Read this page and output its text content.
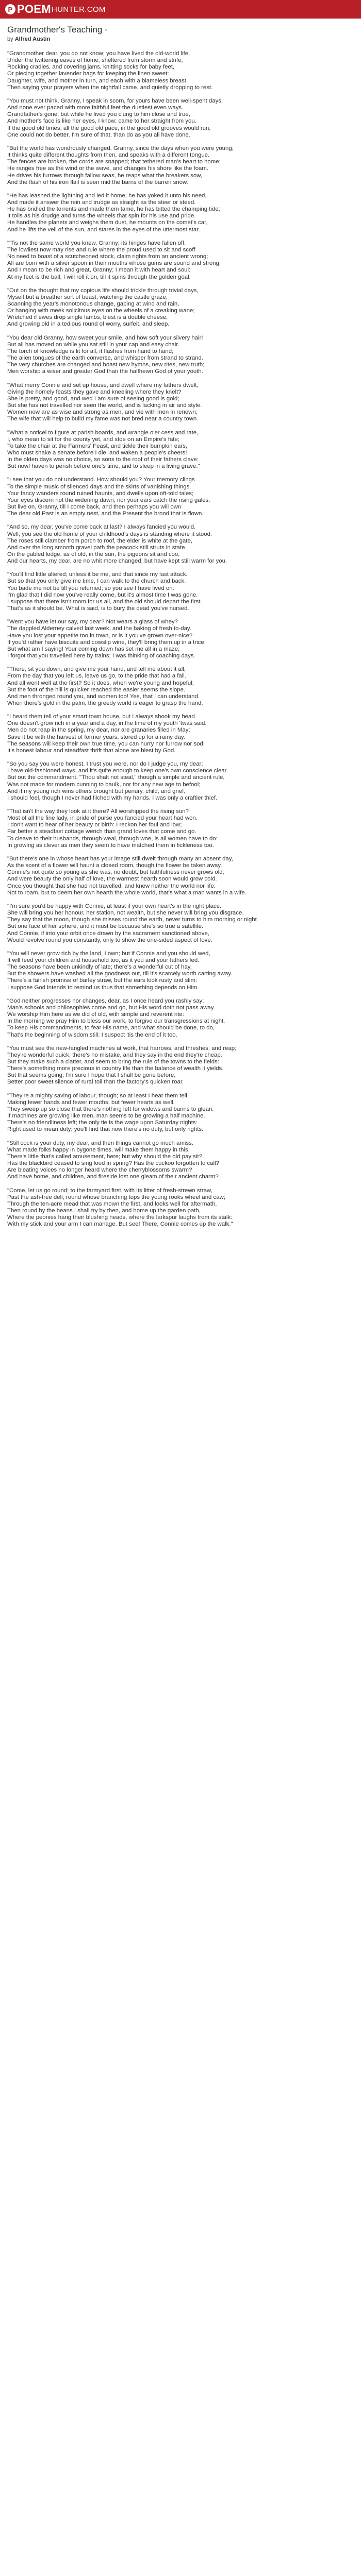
P POEM HUNTER.COM
Grandmother's Teaching -
by Alfred Austin
"Grandmother dear, you do not know; you have lived the old-world life,
Under the twittering eaves of home, sheltered from storm and strife;
Rocking cradles, and covering jams, knitting socks for baby feet,
Or piecing together lavender bags for keeping the linen sweet:
Daughter, wife, and mother in turn, and each with a blameless breast,
Then saying your prayers when the nightfall came, and quietly dropping to rest.
"You must not think, Granny, I speak in scorn, for yours have been well-spent days,
And none ever paced with more faithful feet the dustiest even ways.
Grandfather's gone, but while he lived you clung to him close and true,
And mother's face is like her eyes, I know; came to her straight from you.
If the good old times, all the good old pace, in the good old grooves would run,
One could not do better, I'm sure of that, than do as you all have done.
"But the world has wondrously changed, Granny, since the days when you were young;
It thinks quite different thoughts from then, and speaks with a different tongue.
The fences are broken, the cords are snapped; that tethered man's heart to home;
He ranges free as the wind or the wave, and changes his shore like the foam.
He drives his furrows through fallow seas, he reaps what the breakers sow,
And the flash of his iron flail is seen mid the barns of the barren snow.
"He has leashed the lightning and led it home; he has yoked it unto his need,
And made it answer the rein and trudge as straight as the steer or steed.
He has bridled the torrents and made them tame, he has bitted the champing tide;
It toils as his drudge and turns the wheels that spin for his use and pride.
He handles the planets and weighs them dust, he mounts on the comet's car,
And he lifts the veil of the sun, and stares in the eyes of the uttermost star.
"'Tis not the same world you knew, Granny; its hinges have fallen off.
The lowliest now may rise and rule where the proud used to sit and scoff.
No need to boast of a scutcheoned stock, claim rights from an ancient wrong;
All are born with a silver spoon in their mouths whose gums are sound and strong.
And I mean to be rich and great, Granny; I mean it with heart and soul:
At my feet is the ball, I will roll it on, till it spins through the golden goal.
"Out on the thought that my copious life should trickle through trivial days,
Myself but a breather sort of beast, watching the castle graze,
Scanning the year's monotonous change, gaping at wind and rain,
Or hanging with meek solicitous eyes on the wheels of a creaking wane;
Wretched if ewes drop single lambs, blest is a double cheese,
And growing old in a tedious round of worry, surfeit, and sleep.
"You dear old Granny, how sweet your smile, and how soft your silvery hair!
But all has moved on while you sat still in your cap and easy chair.
The torch of knowledge is lit for all, it flashes from hand to hand;
The alien tongues of the earth converse, and whisper from strand to strand.
The very churches are changed and boast new hymns, new rites, new truth;
Men worship a wiser and greater God than the halfhewn God of your youth.
"What merry Connie and set up house, and dwell where my fathers dwelt,
Giving the homely feasts they gave and kneeling where they knelt?
She is pretty, and good, and wed I am sure of seeing good is gold;
But she has not travelled nor seen the world, and is lacking in air and style.
Women now are as wise and strong as men, and vie with men in renown;
The wife that will help to build my fame was not bred near a country town.
"What a noticel to figure at parish boards, and wrangle o'er cess and rate,
I, who mean to sit for the county yet, and stoe on an Empire's fate;
To take the chair at the Farmers' Feast, and tickle their bumpkin ears,
Who must shake a senate before I die, and waken a people's cheers!
In the olden days was no choice, so sons to the roof of their fathers clave:
But now! haven to perish before one's time, and to sleep in a living grave."
"I see that you do not understand. How should you? Your memory clings
To the simple music of silenced days and the skirts of vanishing things.
Your fancy wanders round ruined haunts, and dwells upon oft-told tales;
Your eyes discern not the widening dawn, nor your ears catch the rising gales.
But live on, Granny, till I come back, and then perhaps you will own
The dear old Past is an empty nest, and the Present the brood that is flown."
"And so, my dear, you've come back at last? I always fancied you would.
Well, you see the old home of your childhood's days is standing where it stood:
The roses still clamber from porch to roof, the elder is white at the gate,
And over the long smooth gravel path the peacock still struts in state.
On the gabled lodge, as of old, in the sun, the pigeons sit and coo,
And our hearts, my dear, are no whit more changed, but have kept still warm for you.
"You'll find little altered; unless it be me, and that since my last attack.
But so that you only give me time, I can walk to the church and back.
You bade me not be till you returned; so you see I have lived on.
I'm glad that I did now you've really come, but it's almost time I was gone.
I suppose that there isn't room for us all, and the old should depart the first.
That's as it should be. What is said, is to bury the dead you've nursed.
"Went you have let our say, my dear? Not wears a glass of whey?
The dappled Alderney calved last week, and the baking of fresh to-day.
Have you lost your appetite too in town, or is it you've grown over-nice?
If you'd rather have biscuits and cowslip wine, they'll bring them up in a trice.
But what am I saying! Your coming down has set me all in a maze;
I forgot that you travelled here by trains; I was thinking of coaching days.
"There, sit you down, and give me your hand, and tell me about it all,
From the day that you left us, leave us go, to the pride that had a fall.
And all went well at the first? So it does, when we're young and hopeful;
But the foot of the hill is quicker reached the easier seems the slope.
And men thronged round you, and women too! Yes, that I can understand.
When there's gold in the palm, the greedy world is eager to grasp the hand.
"I heard them tell of your smart town house, but I always shook my head.
One doesn't grow rich in a year and a day, in the time of my youth 'twas said.
Men do not reap in the spring, my dear, nor are granaries filled in May;
Save it be with the harvest of former years, stored up for a rainy day.
The seasons will keep their own true time, you can hurry nor furrow nor sod:
It's honest labour and steadfast thrift that alone are blest by God.
"So you say you were honest. I trust you were, nor do I judge you, my dear;
I have old-fashioned ways, and it's quite enough to keep one's own conscience clear.
But out the commandment, "Thou shalt not steal," though a simple and ancient rule,
Was not made for modern cunning to baulk, nor for any new age to befool;
And if my young rich wins others brought but penury, child, and grief,
I should feel, though I never had filched with my hands, I was only a craftier thief.
"That isn't the way they look at it there? All worshipped the rising sun?
Most of all the fine lady, in pride of purse you fancied your heart had won.
I don't want to hear of her beauty or birth: I reckon her foul and low;
Far better a steadfast cottage wench than grand loves that come and go.
To cleave to their husbands, through weal, through woe, is all women have to do:
In growing as clever as men they seem to have matched them in fickleness too.
"But there's one in whose heart has your image still dwelt through many an absent day,
As the scent of a flower will haunt a closed room, though the flower be taken away.
Connie's not quite so young as she was, no doubt, but faithfulness never grows old;
And were beauty the only half of love, the warmest hearth soon would grow cold.
Once you thought that she had not travelled, and knew neither the world nor life:
Not to roam, but to deem her own hearth the whole world, that's what a man wants in a wife.
"I'm sure you'd be happy with Connie, at least if your own heart's in the right place.
She will bring you her honour, her station, not wealth, but she never will bring you disgrace.
They say that the moon, though she misses round the earth, never turns to him morning or night
But one face of her sphere, and it must be because she's so true a satellite.
And Connie, if into your orbit once drawn by the sacrament sanctioned above,
Would revolve round you constantly, only to show the one-sided aspect of love.
"You will never grow rich by the land, I own; but if Connie and you should wed,
It will feed your children and household too, as it you and your fathers fed.
The seasons have been unkindly of late; there's a wonderful cut of hay,
But the showers have washed all the goodness out, till it's scarcely worth carting away.
There's a fairish promise of barley straw, but the ears look rusty and slim:
I suppose God intends to remind us thus that something depends on Him.
"God neither progresses nor changes, dear, as I once heard you rashly say;
Man's schools and philosophies come and go, but His word doth not pass away.
We worship Him here as we did of old, with simple and reverent rite:
In the morning we pray Him to bless our work, to forgive our transgressions at night.
To keep His commandments, to fear His name, and what should be done, to do,
That's the beginning of wisdom still: I suspect 'tis the end of it too.
"You must see the new-fangled machines at work, that harrows, and threshes, and reap;
They're wonderful quick, there's no mistake, and they say in the end they're cheap.
But they make such a clatter, and seem to bring the rule of the towns to the fields:
There's something more precious in country life than the balance of wealth it yields.
But that seems going; I'm sure I hope that I shall be gone before;
Better poor sweet silence of rural toil than the factory's quicken roar.
"They're a mighty saving of labour, though; so at least I hear them tell,
Making fewer hands and fewer mouths, but fewer hearts as well.
They sweep up so close that there's nothing left for widows and bairns to glean.
If machines are growing like men, man seems to be growing a half machine.
There's no friendliness left; the only tie is the wage upon Saturday nights:
Right used to mean duty; you'll find that now there's no duty, but only rights.
"Still cock is your duty, my dear, and then things cannot go much amiss.
What made folks happy in bygone times, will make them happy in this.
There's little that's called amusement, here; but why should the old pay sit?
Has the blackbird ceased to sing loud in spring? Has the cuckoo forgotten to call?
Are bleating voices no longer heard where the cherryblossoms swarm?
And have home, and children, and fireside lost one gleam of their ancient charm?
"Come, let us go round; to the farmyard first, with its litter of fresh-strewn straw,
Past the ash-tree dell, round whose branching tops the young rooks wheel and caw;
Through the ten-acre mead that was mown the first, and looks well for aftermath,
Then round by the beans I shall try by then, and home up the garden path,
Where the peonies hang their blushing heads, where the larkspur laughs from its stalk:
With my stick and your arm I can manage. But see! There, Connie comes up the walk."
